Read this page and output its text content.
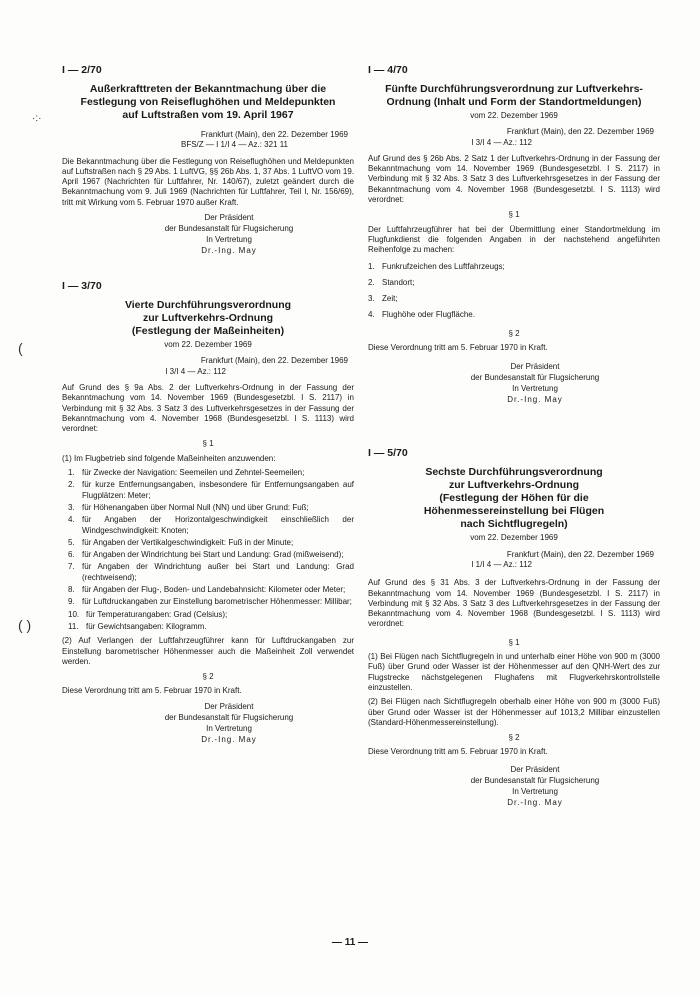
·:·
(
( )
I — 2/70
Außerkrafttreten der Bekanntmachung über die Festlegung von Reiseflughöhen und Meldepunkten auf Luftstraßen vom 19. April 1967
Frankfurt (Main), den 22. Dezember 1969
BFS/Z — I 1/I 4 — Az.: 321 11

Die Bekanntmachung über die Festlegung von Reiseflughöhen und Meldepunkten auf Luftstraßen nach § 29 Abs. 1 LuftVG, §§ 26b Abs. 1, 37 Abs. 1 LuftVO vom 19. April 1967 (Nachrichten für Luftfahrer, Nr. 140/67), zuletzt geändert durch die Bekanntmachung vom 9. Juli 1969 (Nachrichten für Luftfahrer, Teil I, Nr. 156/69), tritt mit Wirkung vom 5. Februar 1970 außer Kraft.

Der Präsident
der Bundesanstalt für Flugsicherung
In Vertretung
Dr.-Ing. May
I — 3/70
Vierte Durchführungsverordnung zur Luftverkehrs-Ordnung (Festlegung der Maßeinheiten)
vom 22. Dezember 1969
Frankfurt (Main), den 22. Dezember 1969
I 3/I 4 — Az.: 112

Auf Grund des § 9a Abs. 2 der Luftverkehrs-Ordnung in der Fassung der Bekanntmachung vom 14. November 1969 (Bundesgesetzbl. I S. 2117) in Verbindung mit § 32 Abs. 3 Satz 3 des Luftverkehrsgesetzes in der Fassung der Bekanntmachung vom 4. November 1968 (Bundesgesetzbl. I S. 1113) wird verordnet:

§ 1

(1) Im Flugbetrieb sind folgende Maßeinheiten anzuwenden:

1. für Zwecke der Navigation: Seemeilen und Zehntel-Seemeilen;
2. für kurze Entfernungsangaben, insbesondere für Entfernungsangaben auf Flugplätzen: Meter;
3. für Höhenangaben über Normal Null (NN) und über Grund: Fuß;
4. für Angaben der Horizontalgeschwindigkeit einschließlich der Windgeschwindigkeit: Knoten;
5. für Angaben der Vertikalgeschwindigkeit: Fuß in der Minute;
6. für Angaben der Windrichtung bei Start und Landung: Grad (mißweisend);
7. für Angaben der Windrichtung außer bei Start und Landung: Grad (rechtweisend);
8. für Angaben der Flug-, Boden- und Landebahnsicht: Kilometer oder Meter;
9. für Luftdruckangaben zur Einstellung barometrischer Höhenmesser: Millibar;
10. für Temperaturangaben: Grad (Celsius);
11. für Gewichtsangaben: Kilogramm.

(2) Auf Verlangen der Luftfahrzeugführer kann für Luftdruckangaben zur Einstellung barometrischer Höhenmesser auch die Maßeinheit Zoll verwendet werden.

§ 2

Diese Verordnung tritt am 5. Februar 1970 in Kraft.

Der Präsident
der Bundesanstalt für Flugsicherung
In Vertretung
Dr.-Ing. May
I — 4/70
Fünfte Durchführungsverordnung zur Luftverkehrs-Ordnung (Inhalt und Form der Standortmeldungen)
vom 22. Dezember 1969
Frankfurt (Main), den 22. Dezember 1969
I 3/I 4 — Az.: 112

Auf Grund des § 26b Abs. 2 Satz 1 der Luftverkehrs-Ordnung in der Fassung der Bekanntmachung vom 14. November 1969 (Bundesgesetzbl. I S. 2117) in Verbindung mit § 32 Abs. 3 Satz 3 des Luftverkehrsgesetzes in der Fassung der Bekanntmachung vom 4. November 1968 (Bundesgesetzbl. I S. 1113) wird verordnet:

§ 1

Der Luftfahrzeugführer hat bei der Übermittlung einer Standortmeldung im Flugfunkdienst die folgenden Angaben in der nachstehend angeführten Reihenfolge zu machen:

1. Funkrufzeichen des Luftfahrzeugs;
2. Standort;
3. Zeit;
4. Flughöhe oder Flugfläche.
§ 2

Diese Verordnung tritt am 5. Februar 1970 in Kraft.

Der Präsident
der Bundesanstalt für Flugsicherung
In Vertretung
Dr.-Ing. May
I — 5/70
Sechste Durchführungsverordnung zur Luftverkehrs-Ordnung (Festlegung der Höhen für die Höhenmessereinstellung bei Flügen nach Sichtflugregeln)
vom 22. Dezember 1969
Frankfurt (Main), den 22. Dezember 1969
I 1/I 4 — Az.: 112

Auf Grund des § 31 Abs. 3 der Luftverkehrs-Ordnung in der Fassung der Bekanntmachung vom 14. November 1969 (Bundesgesetzbl. I S. 2117) in Verbindung mit § 32 Abs. 3 Satz 3 des Luftverkehrsgesetzes in der Fassung der Bekanntmachung vom 4. November 1968 (Bundesgesetzbl. I S. 1113) wird verordnet:

§ 1

(1) Bei Flügen nach Sichtflugregeln in und unterhalb einer Höhe von 900 m (3000 Fuß) über Grund oder Wasser ist der Höhenmesser auf den QNH-Wert des zur Flugstrecke nächstgelegenen Flughafens mit Flugverkehrskontrollstelle einzustellen.

(2) Bei Flügen nach Sichtflugregeln oberhalb einer Höhe von 900 m (3000 Fuß) über Grund oder Wasser ist der Höhenmesser auf 1013,2 Millibar einzustellen (Standard-Höhenmessereinstellung).

§ 2

Diese Verordnung tritt am 5. Februar 1970 in Kraft.

Der Präsident
der Bundesanstalt für Flugsicherung
In Vertretung
Dr.-Ing. May
— 11 —
